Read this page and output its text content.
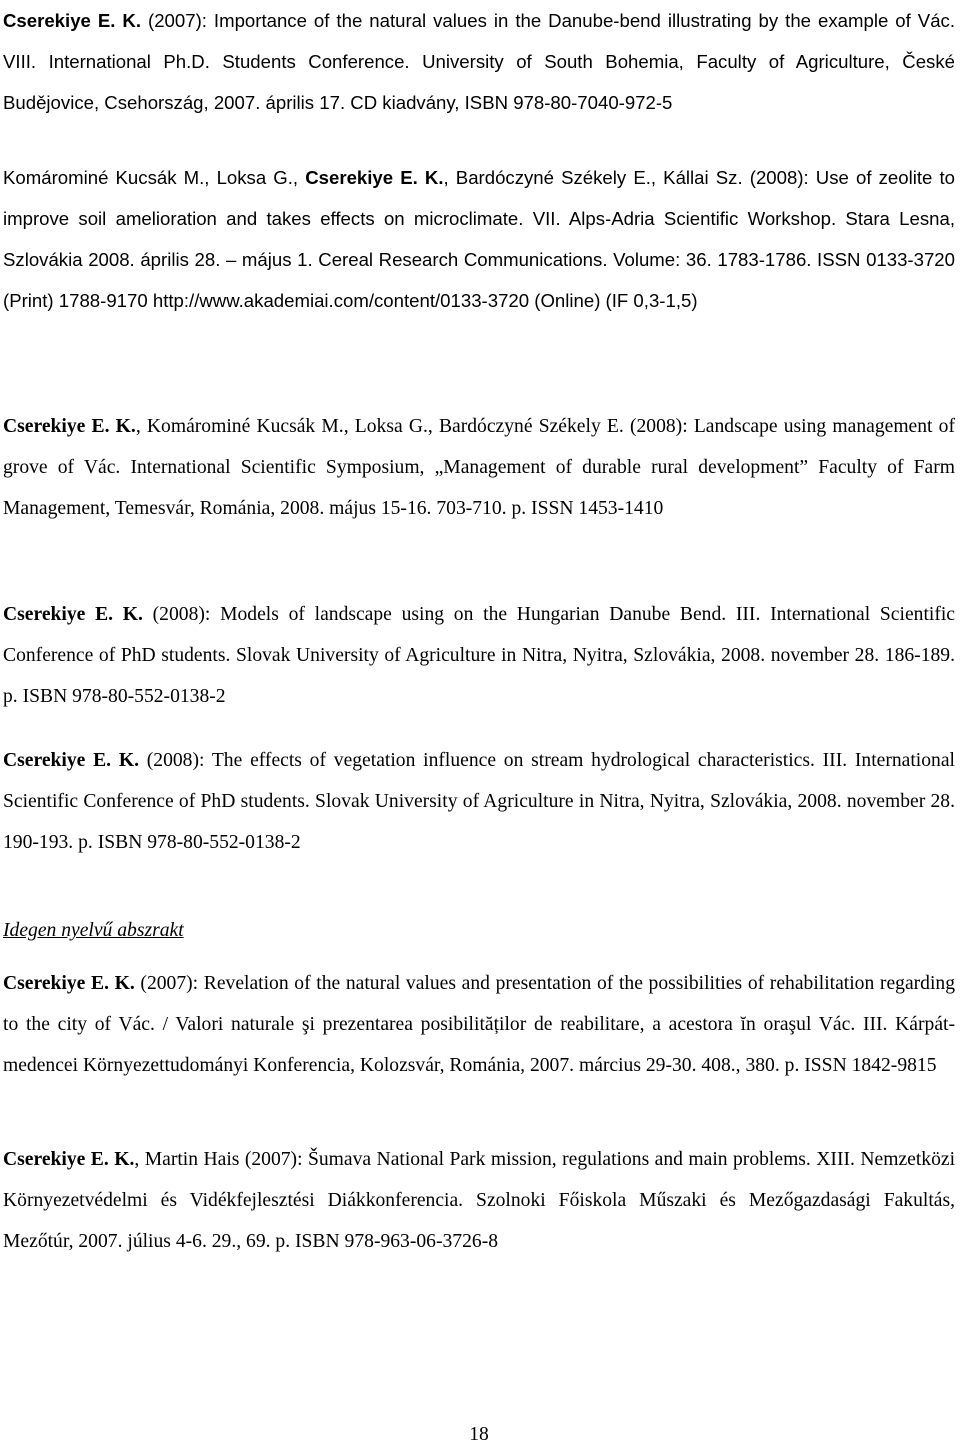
Cserekiye E. K. (2007): Importance of the natural values in the Danube-bend illustrating by the example of Vác. VIII. International Ph.D. Students Conference. University of South Bohemia, Faculty of Agriculture, České Budějovice, Csehország, 2007. április 17. CD kiadvány, ISBN 978-80-7040-972-5
Komárominé Kucsák M., Loksa G., Cserekiye E. K., Bardóczyné Székely E., Kállai Sz. (2008): Use of zeolite to improve soil amelioration and takes effects on microclimate. VII. Alps-Adria Scientific Workshop. Stara Lesna, Szlovákia 2008. április 28. – május 1. Cereal Research Communications. Volume: 36. 1783-1786. ISSN 0133-3720 (Print) 1788-9170 http://www.akademiai.com/content/0133-3720 (Online) (IF 0,3-1,5)
Cserekiye E. K., Komárominé Kucsák M., Loksa G., Bardóczyné Székely E. (2008): Landscape using management of grove of Vác. International Scientific Symposium, „Management of durable rural development” Faculty of Farm Management, Temesvár, Románia, 2008. május 15-16. 703-710. p. ISSN 1453-1410
Cserekiye E. K. (2008): Models of landscape using on the Hungarian Danube Bend. III. International Scientific Conference of PhD students. Slovak University of Agriculture in Nitra, Nyitra, Szlovákia, 2008. november 28. 186-189. p. ISBN 978-80-552-0138-2
Cserekiye E. K. (2008): The effects of vegetation influence on stream hydrological characteristics. III. International Scientific Conference of PhD students. Slovak University of Agriculture in Nitra, Nyitra, Szlovákia, 2008. november 28. 190-193. p. ISBN 978-80-552-0138-2
Idegen nyelvű abszrakt
Cserekiye E. K. (2007): Revelation of the natural values and presentation of the possibilities of rehabilitation regarding to the city of Vác. / Valori naturale şi prezentarea posibilităților de reabilitare, a acestora ĭn oraşul Vác. III. Kárpát-medencei Környezettudományi Konferencia, Kolozsvár, Románia, 2007. március 29-30. 408., 380. p. ISSN 1842-9815
Cserekiye E. K., Martin Hais (2007): Šumava National Park mission, regulations and main problems. XIII. Nemzetközi Környezetvédelmi és Vidékfejlesztési Diákkonferencia. Szolnoki Főiskola Műszaki és Mezőgazdasági Fakultás, Mezőtúr, 2007. július 4-6. 29., 69. p. ISBN 978-963-06-3726-8
18
